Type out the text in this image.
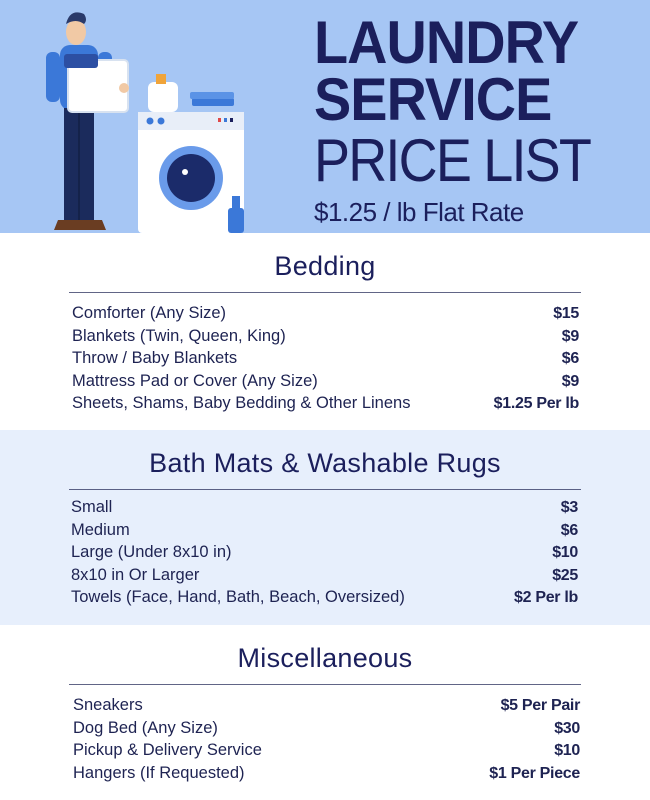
LAUNDRY
SERVICE
PRICE LIST
$1.25 / lb Flat Rate
Bedding
Comforter (Any Size)	$15
Blankets (Twin, Queen, King)	$9
Throw / Baby Blankets	$6
Mattress Pad or Cover (Any Size)	$9
Sheets, Shams, Baby Bedding & Other Linens	$1.25 Per lb
Bath Mats & Washable Rugs
Small	$3
Medium	$6
Large (Under 8x10 in)	$10
8x10 in Or Larger	$25
Towels (Face, Hand, Bath, Beach, Oversized)	$2 Per lb
Miscellaneous
Sneakers	$5 Per Pair
Dog Bed (Any Size)	$30
Pickup & Delivery Service	$10
Hangers (If Requested)	$1 Per Piece
